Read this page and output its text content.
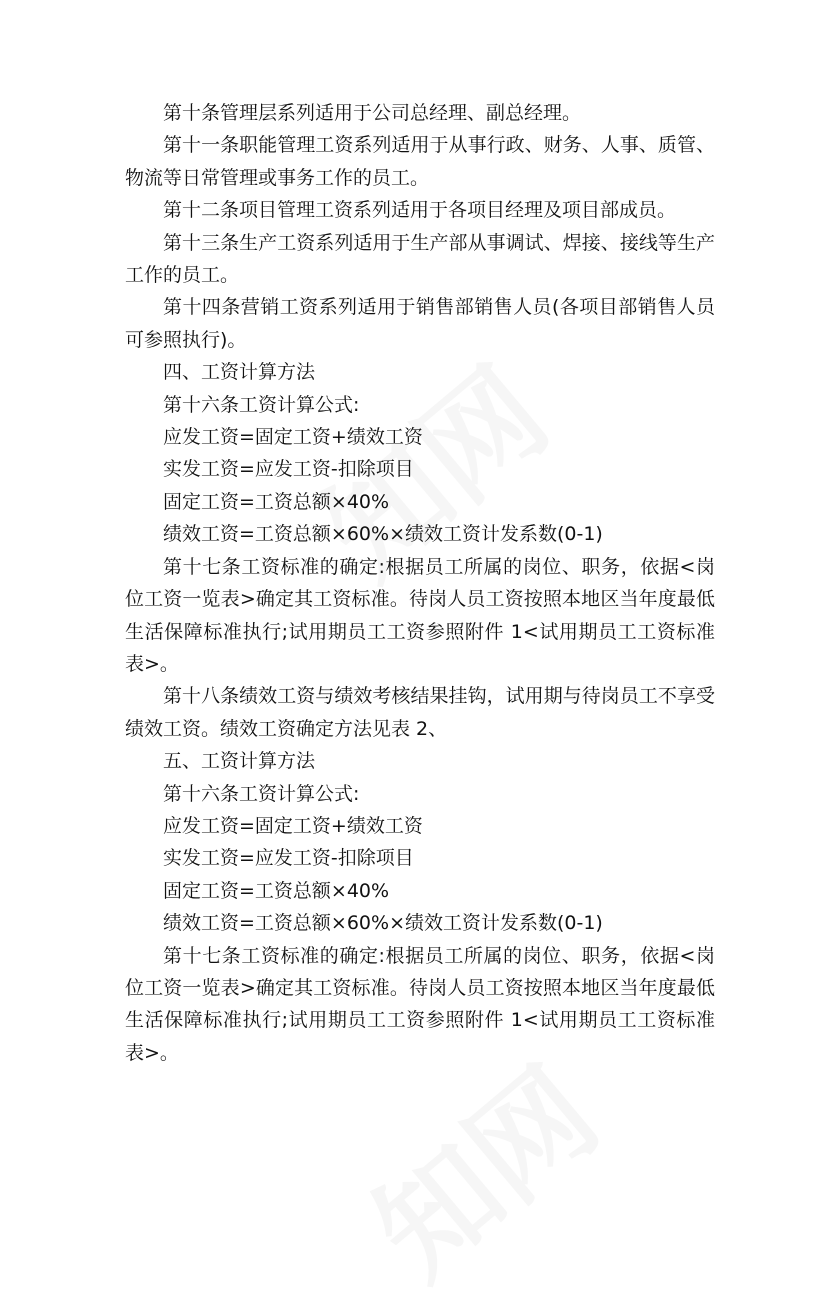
第十条管理层系列适用于公司总经理、副总经理。

第十一条职能管理工资系列适用于从事行政、财务、人事、质管、物流等日常管理或事务工作的员工。

第十二条项目管理工资系列适用于各项目经理及项目部成员。

第十三条生产工资系列适用于生产部从事调试、焊接、接线等生产工作的员工。

第十四条营销工资系列适用于销售部销售人员(各项目部销售人员可参照执行)。

四、工资计算方法

第十六条工资计算公式:

应发工资=固定工资+绩效工资

实发工资=应发工资-扣除项目

固定工资=工资总额×40%

绩效工资=工资总额×60%×绩效工资计发系数(0-1)

第十七条工资标准的确定:根据员工所属的岗位、职务，依据<岗位工资一览表>确定其工资标准。待岗人员工资按照本地区当年度最低生活保障标准执行;试用期员工工资参照附件 1<试用期员工工资标准表>。

第十八条绩效工资与绩效考核结果挂钩，试用期与待岗员工不享受绩效工资。绩效工资确定方法见表 2、

五、工资计算方法

第十六条工资计算公式:

应发工资=固定工资+绩效工资

实发工资=应发工资-扣除项目

固定工资=工资总额×40%

绩效工资=工资总额×60%×绩效工资计发系数(0-1)

第十七条工资标准的确定:根据员工所属的岗位、职务，依据<岗位工资一览表>确定其工资标准。待岗人员工资按照本地区当年度最低生活保障标准执行;试用期员工工资参照附件 1<试用期员工工资标准表>。
